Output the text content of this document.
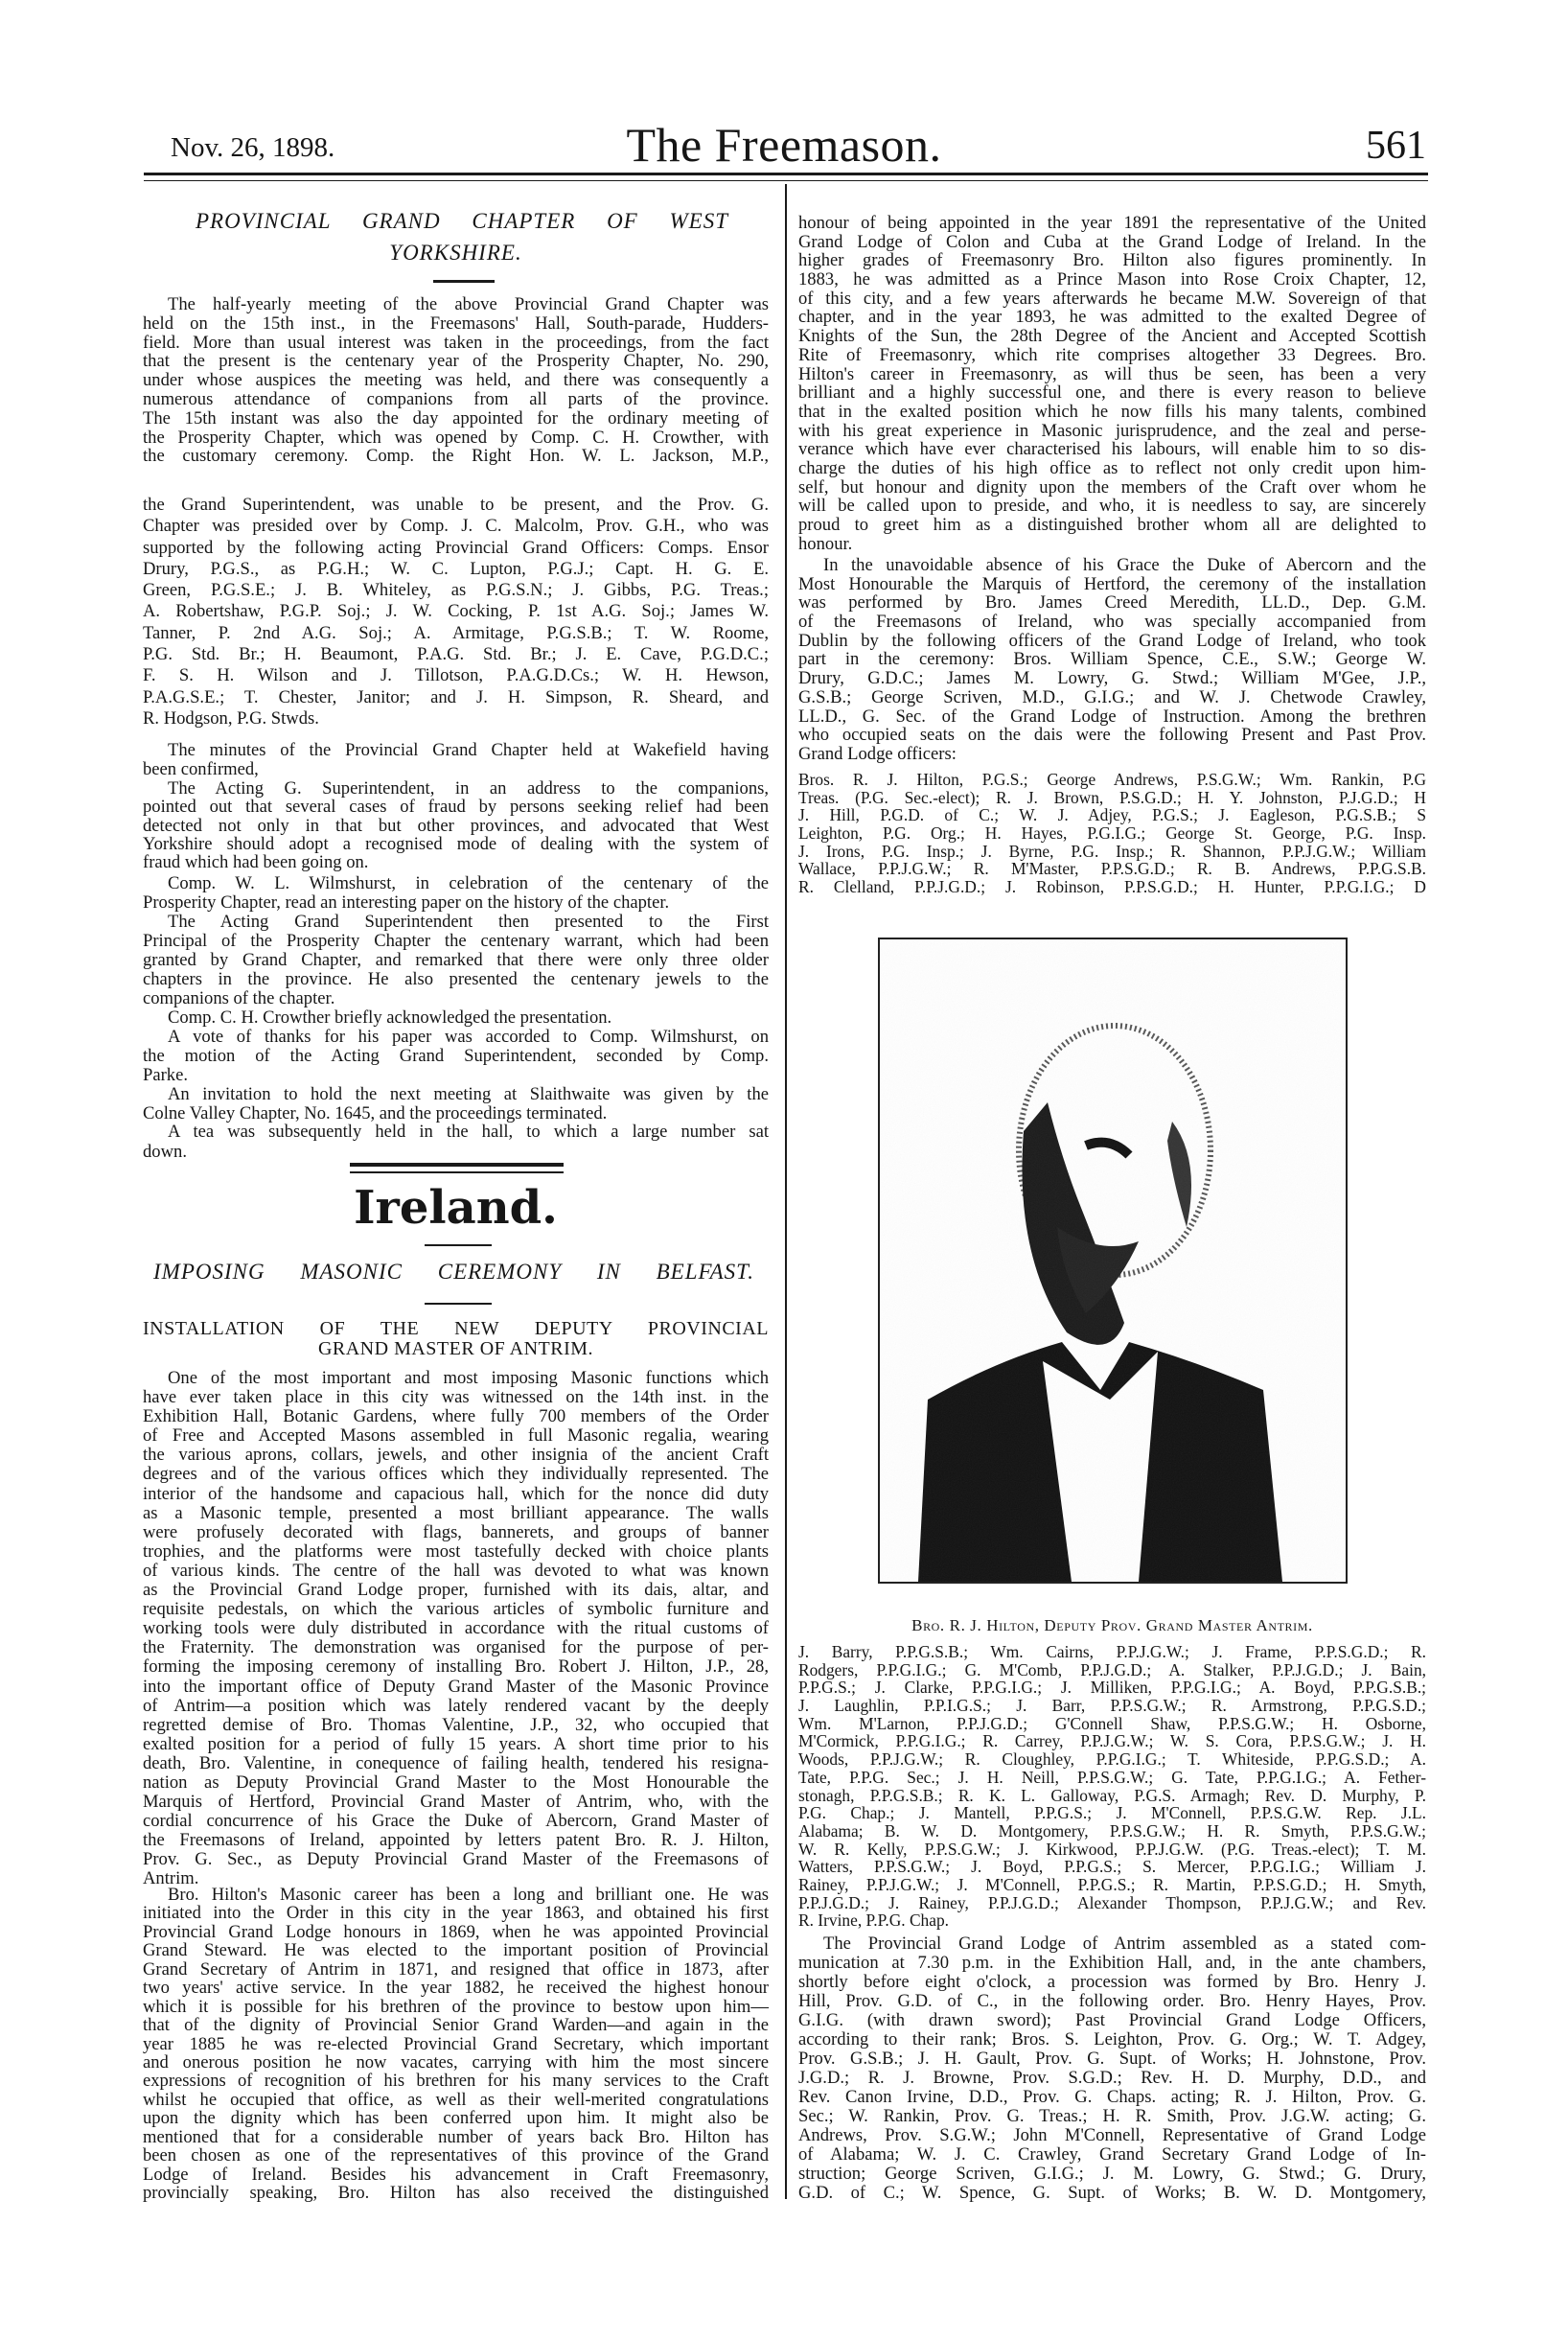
Nov. 26, 1898.	The Freemason.	561
PROVINCIAL GRAND CHAPTER OF WEST
YORKSHIRE.
The half-yearly meeting of the above Provincial Grand Chapter was
held on the 15th inst., in the Freemasons' Hall, South-parade, Hudders-
field. More than usual interest was taken in the proceedings, from the fact
that the present is the centenary year of the Prosperity Chapter, No. 290,
under whose auspices the meeting was held, and there was consequently a
numerous attendance of companions from all parts of the province.
The 15th instant was also the day appointed for the ordinary meeting of
the Prosperity Chapter, which was opened by Comp. C. H. Crowther, with
the customary ceremony. Comp. the Right Hon. W. L. Jackson, M.P.,
the Grand Superintendent, was unable to be present, and the Prov. G.
Chapter was presided over by Comp. J. C. Malcolm, Prov. G.H., who was
supported by the following acting Provincial Grand Officers: Comps. Ensor
Drury, P.G.S., as P.G.H.; W. C. Lupton, P.G.J.; Capt. H. G. E.
Green, P.G.S.E.; J. B. Whiteley, as P.G.S.N.; J. Gibbs, P.G. Treas.;
A. Robertshaw, P.G.P. Soj.; J. W. Cocking, P. 1st A.G. Soj.; James W.
Tanner, P. 2nd A.G. Soj.; A. Armitage, P.G.S.B.; T. W. Roome,
P.G. Std. Br.; H. Beaumont, P.A.G. Std. Br.; J. E. Cave, P.G.D.C.;
F. S. H. Wilson and J. Tillotson, P.A.G.D.Cs.; W. H. Hewson,
P.A.G.S.E.; T. Chester, Janitor; and J. H. Simpson, R. Sheard, and
R. Hodgson, P.G. Stwds.
The minutes of the Provincial Grand Chapter held at Wakefield having
been confirmed,
The Acting G. Superintendent, in an address to the companions,
pointed out that several cases of fraud by persons seeking relief had been
detected not only in that but other provinces, and advocated that West
Yorkshire should adopt a recognised mode of dealing with the system of
fraud which had been going on.
Comp. W. L. Wilmshurst, in celebration of the centenary of the
Prosperity Chapter, read an interesting paper on the history of the chapter.
The Acting Grand Superintendent then presented to the First
Principal of the Prosperity Chapter the centenary warrant, which had been
granted by Grand Chapter, and remarked that there were only three older
chapters in the province. He also presented the centenary jewels to the
companions of the chapter.
Comp. C. H. Crowther briefly acknowledged the presentation.
A vote of thanks for his paper was accorded to Comp. Wilmshurst, on
the motion of the Acting Grand Superintendent, seconded by Comp.
Parke.
An invitation to hold the next meeting at Slaithwaite was given by the
Colne Valley Chapter, No. 1645, and the proceedings terminated.
A tea was subsequently held in the hall, to which a large number sat
down.
Ireland.
IMPOSING MASONIC CEREMONY IN BELFAST.
INSTALLATION OF THE NEW DEPUTY PROVINCIAL
GRAND MASTER OF ANTRIM.
One of the most important and most imposing Masonic functions which
have ever taken place in this city was witnessed on the 14th inst. in the
Exhibition Hall, Botanic Gardens, where fully 700 members of the Order
of Free and Accepted Masons assembled in full Masonic regalia, wearing
the various aprons, collars, jewels, and other insignia of the ancient Craft
degrees and of the various offices which they individually represented. The
interior of the handsome and capacious hall, which for the nonce did duty
as a Masonic temple, presented a most brilliant appearance. The walls
were profusely decorated with flags, bannerets, and groups of banner
trophies, and the platforms were most tastefully decked with choice plants
of various kinds. The centre of the hall was devoted to what was known
as the Provincial Grand Lodge proper, furnished with its dais, altar, and
requisite pedestals, on which the various articles of symbolic furniture and
working tools were duly distributed in accordance with the ritual customs of
the Fraternity. The demonstration was organised for the purpose of per-
forming the imposing ceremony of installing Bro. Robert J. Hilton, J.P., 28,
into the important office of Deputy Grand Master of the Masonic Province
of Antrim—a position which was lately rendered vacant by the deeply
regretted demise of Bro. Thomas Valentine, J.P., 32, who occupied that
exalted position for a period of fully 15 years. A short time prior to his
death, Bro. Valentine, in conequence of failing health, tendered his resigna-
nation as Deputy Provincial Grand Master to the Most Honourable the
Marquis of Hertford, Provincial Grand Master of Antrim, who, with the
cordial concurrence of his Grace the Duke of Abercorn, Grand Master of
the Freemasons of Ireland, appointed by letters patent Bro. R. J. Hilton,
Prov. G. Sec., as Deputy Provincial Grand Master of the Freemasons of
Antrim.
Bro. Hilton's Masonic career has been a long and brilliant one. He was
initiated into the Order in this city in the year 1863, and obtained his first
Provincial Grand Lodge honours in 1869, when he was appointed Provincial
Grand Steward. He was elected to the important position of Provincial
Grand Secretary of Antrim in 1871, and resigned that office in 1873, after
two years' active service. In the year 1882, he received the highest honour
which it is possible for his brethren of the province to bestow upon him—
that of the dignity of Provincial Senior Grand Warden—and again in the
year 1885 he was re-elected Provincial Grand Secretary, which important
and onerous position he now vacates, carrying with him the most sincere
expressions of recognition of his brethren for his many services to the Craft
whilst he occupied that office, as well as their well-merited congratulations
upon the dignity which has been conferred upon him. It might also be
mentioned that for a considerable number of years back Bro. Hilton has
been chosen as one of the representatives of this province of the Grand
Lodge of Ireland. Besides his advancement in Craft Freemasonry,
provincially speaking, Bro. Hilton has also received the distinguished
honour of being appointed in the year 1891 the representative of the United
Grand Lodge of Colon and Cuba at the Grand Lodge of Ireland. In the
higher grades of Freemasonry Bro. Hilton also figures prominently. In
1883, he was admitted as a Prince Mason into Rose Croix Chapter, 12,
of this city, and a few years afterwards he became M.W. Sovereign of that
chapter, and in the year 1893, he was admitted to the exalted Degree of
Knights of the Sun, the 28th Degree of the Ancient and Accepted Scottish
Rite of Freemasonry, which rite comprises altogether 33 Degrees. Bro.
Hilton's career in Freemasonry, as will thus be seen, has been a very
brilliant and a highly successful one, and there is every reason to believe
that in the exalted position which he now fills his many talents, combined
with his great experience in Masonic jurisprudence, and the zeal and perse-
verance which have ever characterised his labours, will enable him to so dis-
charge the duties of his high office as to reflect not only credit upon him-
self, but honour and dignity upon the members of the Craft over whom he
will be called upon to preside, and who, it is needless to say, are sincerely
proud to greet him as a distinguished brother whom all are delighted to
honour.
In the unavoidable absence of his Grace the Duke of Abercorn and the
Most Honourable the Marquis of Hertford, the ceremony of the installation
was performed by Bro. James Creed Meredith, LL.D., Dep. G.M.
of the Freemasons of Ireland, who was specially accompanied from
Dublin by the following officers of the Grand Lodge of Ireland, who took
part in the ceremony: Bros. William Spence, C.E., S.W.; George W.
Drury, G.D.C.; James M. Lowry, G. Stwd.; William M'Gee, J.P.,
G.S.B.; George Scriven, M.D., G.I.G.; and W. J. Chetwode Crawley,
LL.D., G. Sec. of the Grand Lodge of Instruction. Among the brethren
who occupied seats on the dais were the following Present and Past Prov.
Grand Lodge officers:
Bros. R. J. Hilton, P.G.S.; George Andrews, P.S.G.W.; Wm. Rankin, P.G
Treas. (P.G. Sec.-elect); R. J. Brown, P.S.G.D.; H. Y. Johnston, P.J.G.D.; H
J. Hill, P.G.D. of C.; W. J. Adjey, P.G.S.; J. Eagleson, P.G.S.B.; S
Leighton, P.G. Org.; H. Hayes, P.G.I.G.; George St. George, P.G. Insp.
J. Irons, P.G. Insp.; J. Byrne, P.G. Insp.; R. Shannon, P.P.J.G.W.; William
Wallace, P.P.J.G.W.; R. M'Master, P.P.S.G.D.; R. B. Andrews, P.P.G.S.B.
R. Clelland, P.P.J.G.D.; J. Robinson, P.P.S.G.D.; H. Hunter, P.P.G.I.G.; D
Bro. R. J. Hilton, Deputy Prov. Grand Master Antrim.
J. Barry, P.P.G.S.B.; Wm. Cairns, P.P.J.G.W.; J. Frame, P.P.S.G.D.; R.
Rodgers, P.P.G.I.G.; G. M'Comb, P.P.J.G.D.; A. Stalker, P.P.J.G.D.; J. Bain,
P.P.G.S.; J. Clarke, P.P.G.I.G.; J. Milliken, P.P.G.I.G.; A. Boyd, P.P.G.S.B.;
J. Laughlin, P.P.I.G.S.; J. Barr, P.P.S.G.W.; R. Armstrong, P.P.G.S.D.;
Wm. M'Larnon, P.P.J.G.D.; G'Connell Shaw, P.P.S.G.W.; H. Osborne,
M'Cormick, P.P.G.I.G.; R. Carrey, P.P.J.G.W.; W. S. Cora, P.P.S.G.W.; J. H.
Woods, P.P.J.G.W.; R. Cloughley, P.P.G.I.G.; T. Whiteside, P.P.G.S.D.; A.
Tate, P.P.G. Sec.; J. H. Neill, P.P.S.G.W.; G. Tate, P.P.G.I.G.; A. Fether-
stonagh, P.P.G.S.B.; R. K. L. Galloway, P.G.S. Armagh; Rev. D. Murphy, P.
P.G. Chap.; J. Mantell, P.P.G.S.; J. M'Connell, P.P.S.G.W. Rep. J.L.
Alabama; B. W. D. Montgomery, P.P.S.G.W.; H. R. Smyth, P.P.S.G.W.;
W. R. Kelly, P.P.S.G.W.; J. Kirkwood, P.P.J.G.W. (P.G. Treas.-elect); T. M.
Watters, P.P.S.G.W.; J. Boyd, P.P.G.S.; S. Mercer, P.P.G.I.G.; William J.
Rainey, P.P.J.G.W.; J. M'Connell, P.P.G.S.; R. Martin, P.P.S.G.D.; H. Smyth,
P.P.J.G.D.; J. Rainey, P.P.J.G.D.; Alexander Thompson, P.P.J.G.W.; and Rev.
R. Irvine, P.P.G. Chap.
The Provincial Grand Lodge of Antrim assembled as a stated com-
munication at 7.30 p.m. in the Exhibition Hall, and, in the ante chambers,
shortly before eight o'clock, a procession was formed by Bro. Henry J.
Hill, Prov. G.D. of C., in the following order. Bro. Henry Hayes, Prov.
G.I.G. (with drawn sword); Past Provincial Grand Lodge Officers,
according to their rank; Bros. S. Leighton, Prov. G. Org.; W. T. Adgey,
Prov. G.S.B.; J. H. Gault, Prov. G. Supt. of Works; H. Johnstone, Prov.
J.G.D.; R. J. Browne, Prov. S.G.D.; Rev. H. D. Murphy, D.D., and
Rev. Canon Irvine, D.D., Prov. G. Chaps. acting; R. J. Hilton, Prov. G.
Sec.; W. Rankin, Prov. G. Treas.; H. R. Smith, Prov. J.G.W. acting; G.
Andrews, Prov. S.G.W.; John M'Connell, Representative of Grand Lodge
of Alabama; W. J. C. Crawley, Grand Secretary Grand Lodge of In-
struction; George Scriven, G.I.G.; J. M. Lowry, G. Stwd.; G. Drury,
G.D. of C.; W. Spence, G. Supt. of Works; B. W. D. Montgomery,
